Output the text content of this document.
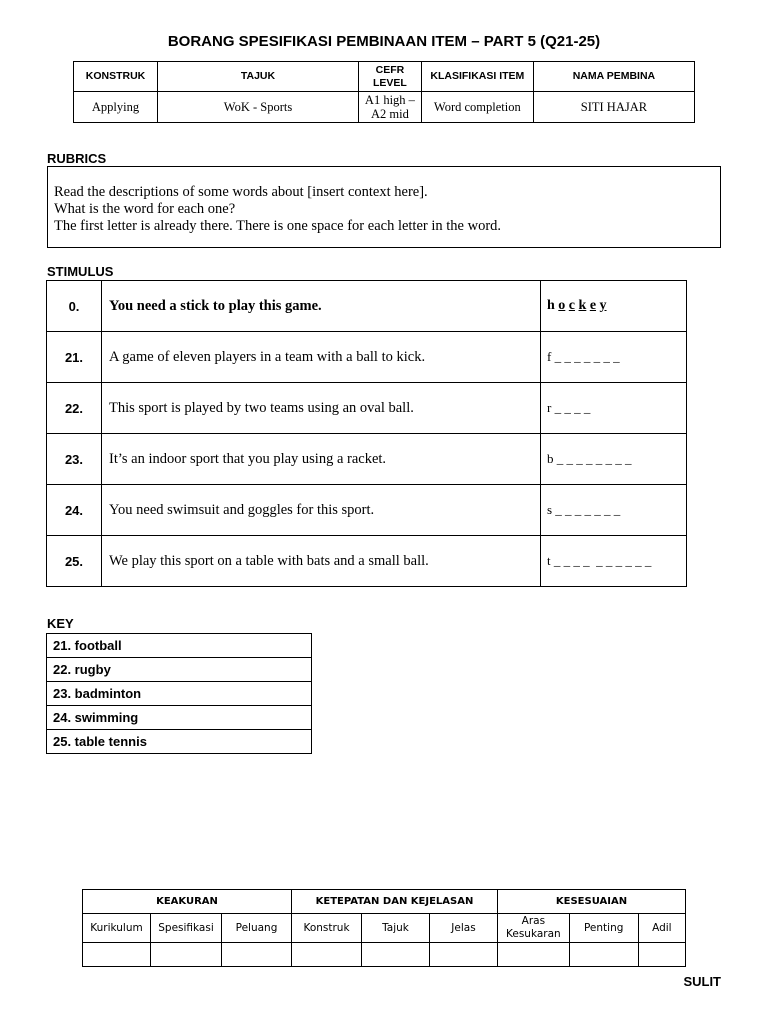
BORANG SPESIFIKASI PEMBINAAN ITEM – PART 5 (Q21-25)
KONSTRUK	TAJUK	CEFR LEVEL	KLASIFIKASI ITEM	NAMA PEMBINA
Applying	WoK - Sports	A1 high – A2 mid	Word completion	SITI HAJAR
RUBRICS
Read the descriptions of some words about [insert context here].
What is the word for each one?
The first letter is already there. There is one space for each letter in the word.
STIMULUS
0.	You need a stick to play this game.	h o c k e y
21.	A game of eleven players in a team with a ball to kick.	f _ _ _ _ _ _ _
22.	This sport is played by two teams using an oval ball.	r _ _ _ _
23.	It’s an indoor sport that you play using a racket.	b _ _ _ _ _ _ _ _
24.	You need swimsuit and goggles for this sport.	s _ _ _ _ _ _ _
25.	We play this sport on a table with bats and a small ball.	t _ _ _ _  _ _ _ _ _ _
KEY
21. football
22. rugby
23. badminton
24. swimming
25. table tennis
KEAKURAN			KETEPATAN DAN KEJELASAN			KESESUAIAN		
Kurikulum	Spesifikasi	Peluang	Konstruk	Tajuk	Jelas	Aras Kesukaran	Penting	Adil

SULIT
